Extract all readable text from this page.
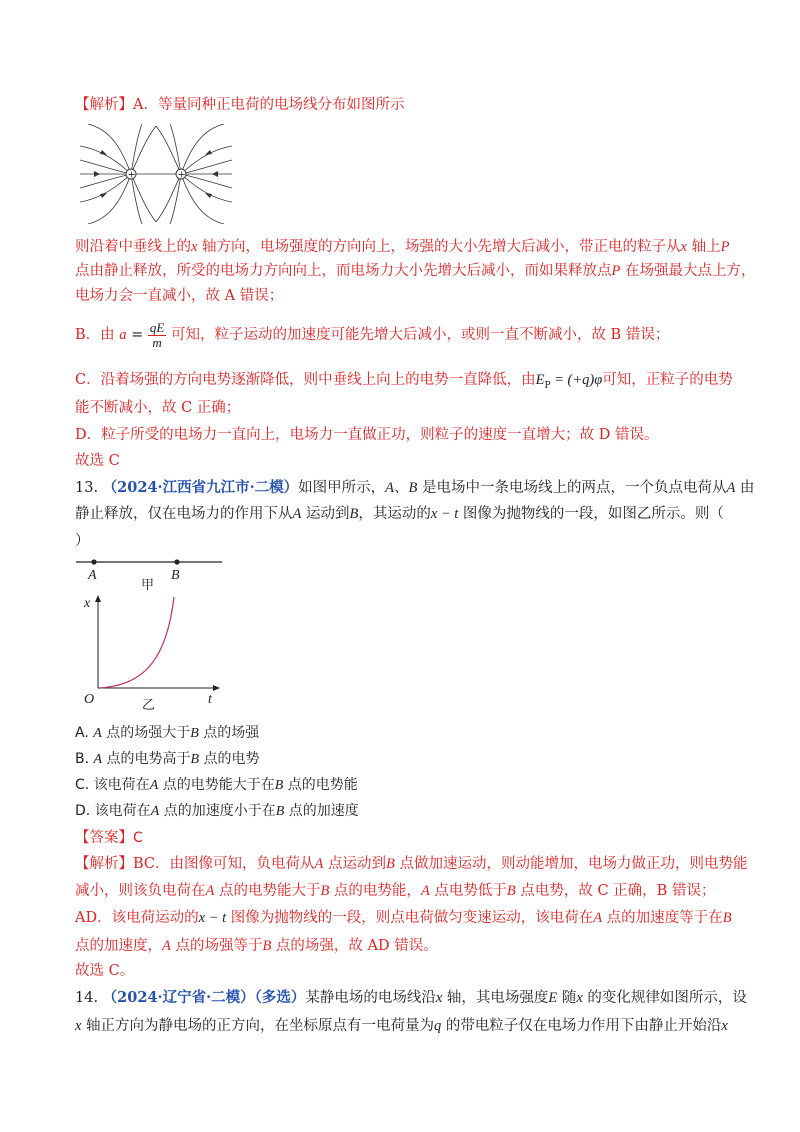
【解析】A．等量同种正电荷的电场线分布如图所示
+	+
则沿着中垂线上的x 轴方向，电场强度的方向向上，场强的大小先增大后减小，带正电的粒子从x 轴上P
点由静止释放，所受的电场力方向向上，而电场力大小先增大后减小，而如果释放点P 在场强最大点上方，
电场力会一直减小，故 A 错误；
B．由 $a = \frac{qE}{m}$ 可知，粒子运动的加速度可能先增大后减小，或则一直不断减小，故 B 错误；
C．沿着场强的方向电势逐渐降低，则中垂线上向上的电势一直降低，由$E_P = (+q)\varphi$可知，正粒子的电势
能不断减小，故 C 正确；
D．粒子所受的电场力一直向上，电场力一直做正功，则粒子的速度一直增大；故 D 错误。
故选 C
13. （2024·江西省九江市·二模）如图甲所示，A、B 是电场中一条电场线上的两点，一个负点电荷从A 由
静止释放，仅在电场力的作用下从A 运动到B，其运动的x − t 图像为抛物线的一段，如图乙所示。则（
）
A	B
甲
x
O	乙	t
A. A 点的场强大于B 点的场强
B. A 点的电势高于B 点的电势
C. 该电荷在A 点的电势能大于在B 点的电势能
D. 该电荷在A 点的加速度小于在B 点的加速度
【答案】C
【解析】BC．由图像可知，负电荷从A 点运动到B 点做加速运动，则动能增加，电场力做正功，则电势能
减小，则该负电荷在A 点的电势能大于B 点的电势能，A 点电势低于B 点电势，故 C 正确，B 错误；
AD．该电荷运动的x − t 图像为抛物线的一段，则点电荷做匀变速运动，该电荷在A 点的加速度等于在B
点的加速度，A 点的场强等于B 点的场强，故 AD 错误。
故选 C。
14. （2024·辽宁省·二模）（多选）某静电场的电场线沿x 轴，其电场强度E 随x 的变化规律如图所示，设
x 轴正方向为静电场的正方向，在坐标原点有一电荷量为q 的带电粒子仅在电场力作用下由静止开始沿x
